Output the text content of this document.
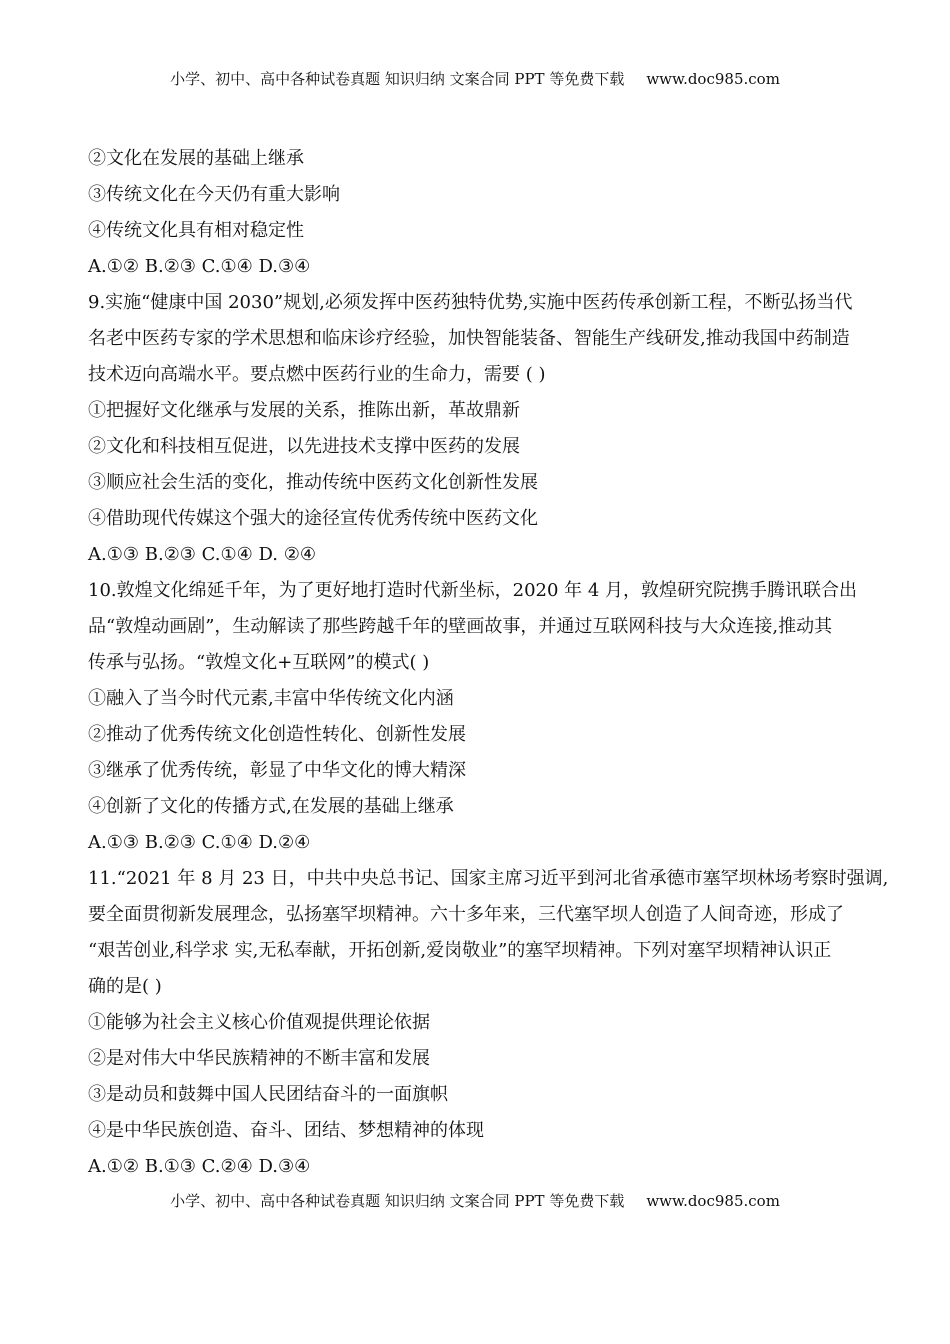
小学、初中、高中各种试卷真题 知识归纳 文案合同 PPT 等免费下载 www.doc985.com
②文化在发展的基础上继承
③传统文化在今天仍有重大影响
④传统文化具有相对稳定性
A.①② B.②③ C.①④ D.③④
9.实施“健康中国 2030”规划,必须发挥中医药独特优势,实施中医药传承创新工程，不断弘扬当代
名老中医药专家的学术思想和临床诊疗经验，加快智能装备、智能生产线研发,推动我国中药制造
技术迈向高端水平。要点燃中医药行业的生命力，需要 ( )
①把握好文化继承与发展的关系，推陈出新，革故鼎新
②文化和科技相互促进，以先进技术支撑中医药的发展
③顺应社会生活的变化，推动传统中医药文化创新性发展
④借助现代传媒这个强大的途径宣传优秀传统中医药文化
A.①③ B.②③ C.①④ D. ②④
10.敦煌文化绵延千年，为了更好地打造时代新坐标，2020 年 4 月，敦煌研究院携手腾讯联合出
品“敦煌动画剧”，生动解读了那些跨越千年的壁画故事，并通过互联网科技与大众连接,推动其
传承与弘扬。“敦煌文化+互联网”的模式( )
①融入了当今时代元素,丰富中华传统文化内涵
②推动了优秀传统文化创造性转化、创新性发展
③继承了优秀传统，彰显了中华文化的博大精深
④创新了文化的传播方式,在发展的基础上继承
A.①③ B.②③ C.①④ D.②④
11.“2021 年 8 月 23 日，中共中央总书记、国家主席习近平到河北省承德市塞罕坝林场考察时强调,
要全面贯彻新发展理念，弘扬塞罕坝精神。六十多年来，三代塞罕坝人创造了人间奇迹，形成了
“艰苦创业,科学求 实,无私奉献，开拓创新,爱岗敬业”的塞罕坝精神。下列对塞罕坝精神认识正
确的是( )
①能够为社会主义核心价值观提供理论依据
②是对伟大中华民族精神的不断丰富和发展
③是动员和鼓舞中国人民团结奋斗的一面旗帜
④是中华民族创造、奋斗、团结、梦想精神的体现
A.①② B.①③ C.②④ D.③④
小学、初中、高中各种试卷真题 知识归纳 文案合同 PPT 等免费下载 www.doc985.com
